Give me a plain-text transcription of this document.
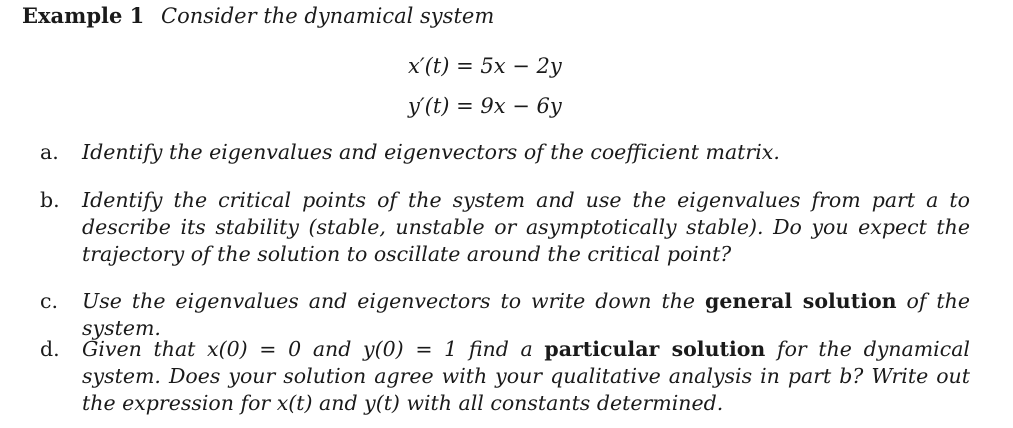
Example 1 Consider the dynamical system
x′(t) = 5x − 2y
y′(t) = 9x − 6y
a. Identify the eigenvalues and eigenvectors of the coefficient matrix.
b. Identify the critical points of the system and use the eigenvalues from part a to describe its stability (stable, unstable or asymptotically stable). Do you expect the trajectory of the solution to oscillate around the critical point?
c. Use the eigenvalues and eigenvectors to write down the general solution of the system.
d. Given that x(0) = 0 and y(0) = 1 find a particular solution for the dynamical system. Does your solution agree with your qualitative analysis in part b? Write out the expression for x(t) and y(t) with all constants determined.
